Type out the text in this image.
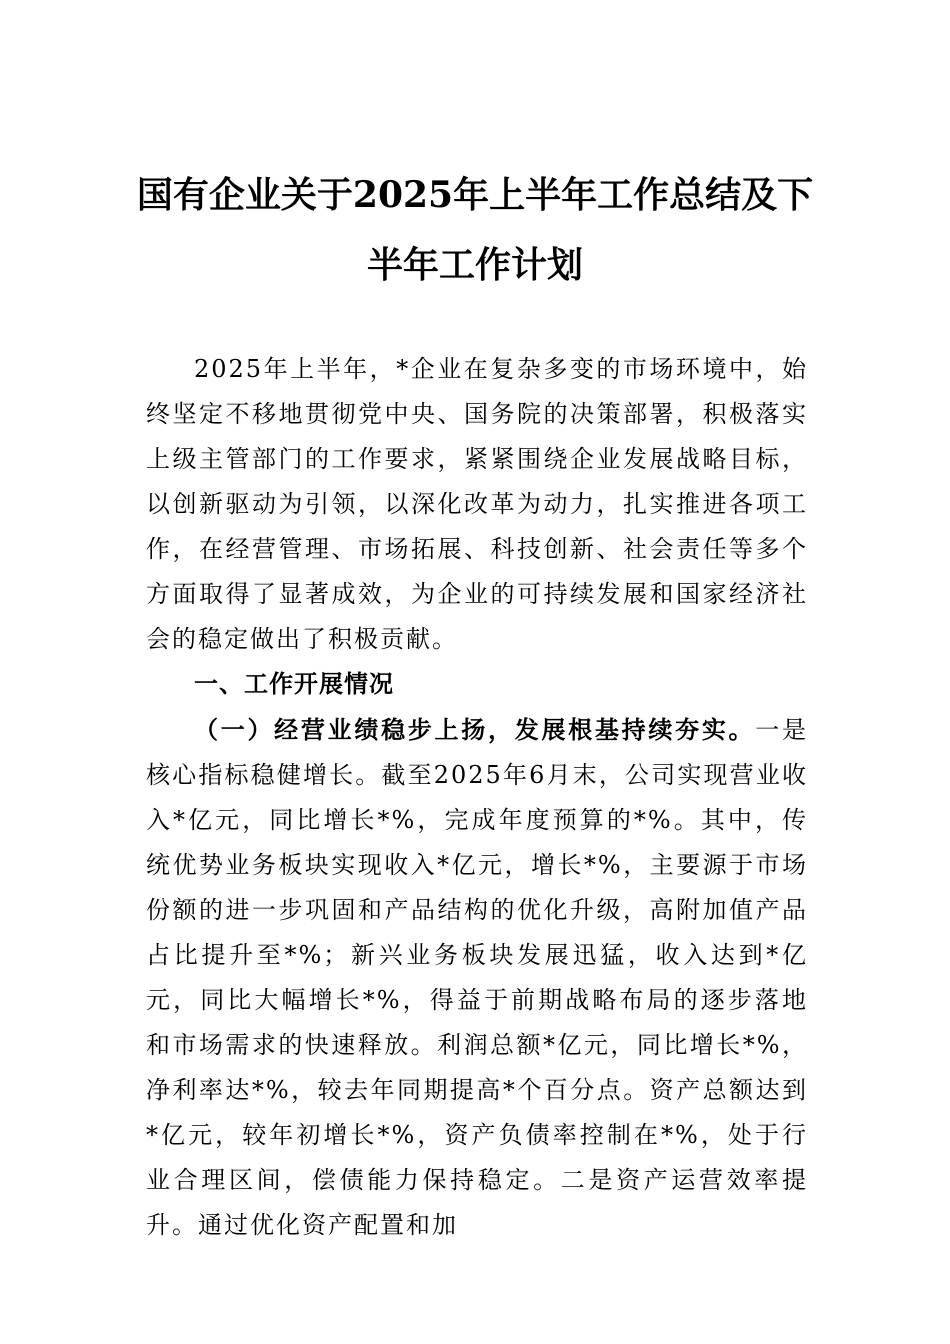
国有企业关于2025年上半年工作总结及下
半年工作计划

2025年上半年，*企业在复杂多变的市场环境中，始终坚定不移地贯彻党中央、国务院的决策部署，积极落实上级主管部门的工作要求，紧紧围绕企业发展战略目标，以创新驱动为引领，以深化改革为动力，扎实推进各项工作，在经营管理、市场拓展、科技创新、社会责任等多个方面取得了显著成效，为企业的可持续发展和国家经济社会的稳定做出了积极贡献。

一、工作开展情况

（一）经营业绩稳步上扬，发展根基持续夯实。一是核心指标稳健增长。截至2025年6月末，公司实现营业收入*亿元，同比增长*%，完成年度预算的*%。其中，传统优势业务板块实现收入*亿元，增长*%，主要源于市场份额的进一步巩固和产品结构的优化升级，高附加值产品占比提升至*%；新兴业务板块发展迅猛，收入达到*亿元，同比大幅增长*%，得益于前期战略布局的逐步落地和市场需求的快速释放。利润总额*亿元，同比增长*%，净利率达*%，较去年同期提高*个百分点。资产总额达到*亿元，较年初增长*%，资产负债率控制在*%，处于行业合理区间，偿债能力保持稳定。二是资产运营效率提升。通过优化资产配置和加
